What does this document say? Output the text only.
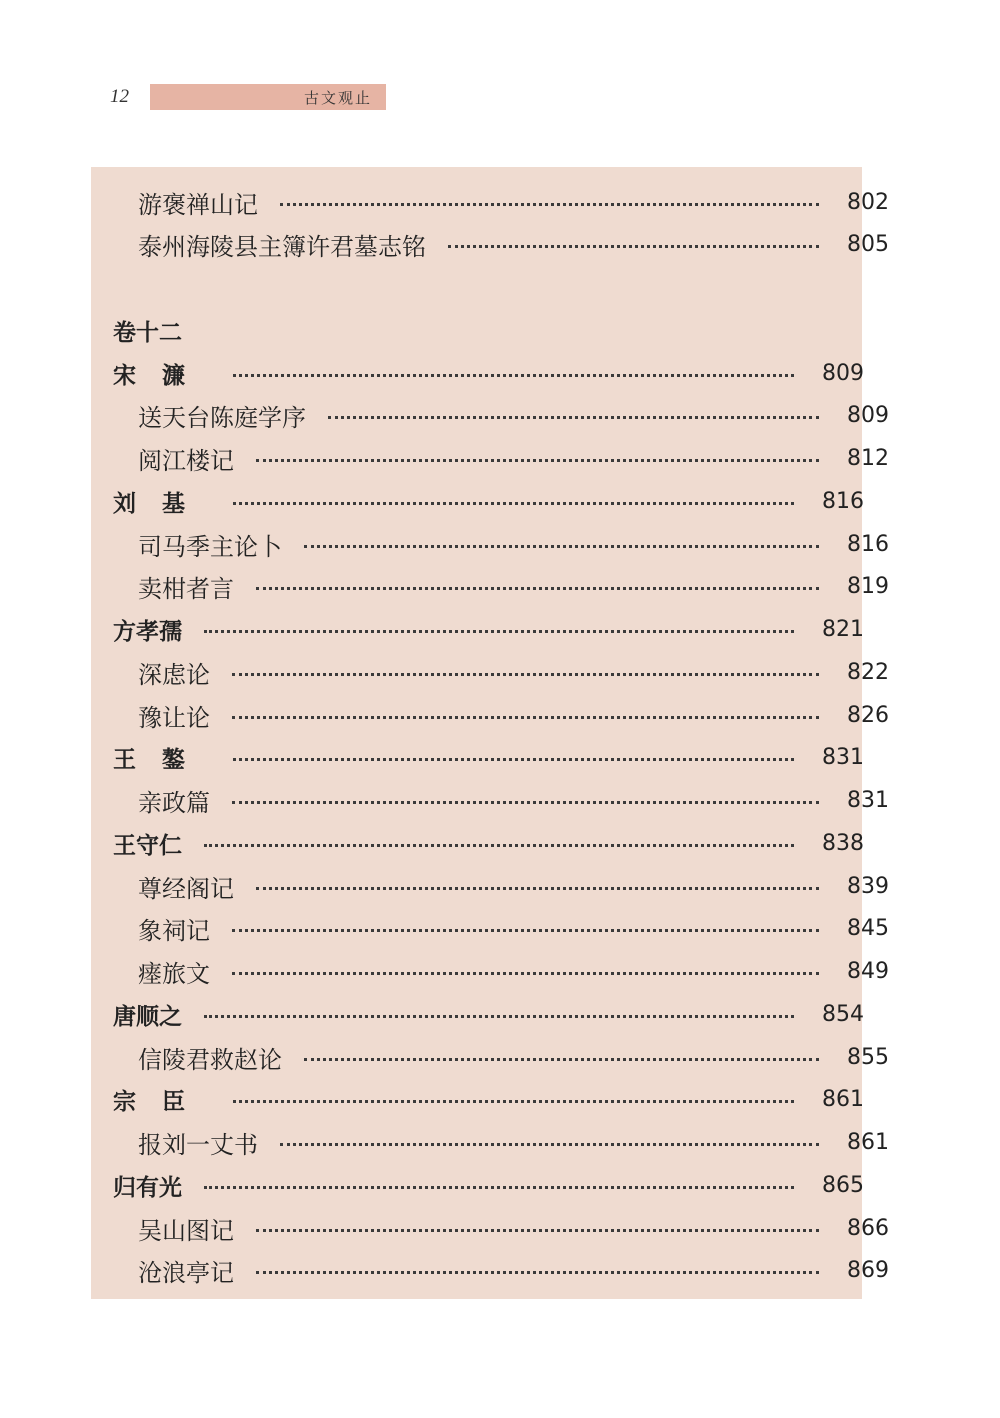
12	古文观止
游褒禅山记	802
泰州海陵县主簿许君墓志铭	805
卷十二
宋濂	809
送天台陈庭学序	809
阅江楼记	812
刘基	816
司马季主论卜	816
卖柑者言	819
方孝孺	821
深虑论	822
豫让论	826
王鏊	831
亲政篇	831
王守仁	838
尊经阁记	839
象祠记	845
瘗旅文	849
唐顺之	854
信陵君救赵论	855
宗臣	861
报刘一丈书	861
归有光	865
吴山图记	866
沧浪亭记	869
